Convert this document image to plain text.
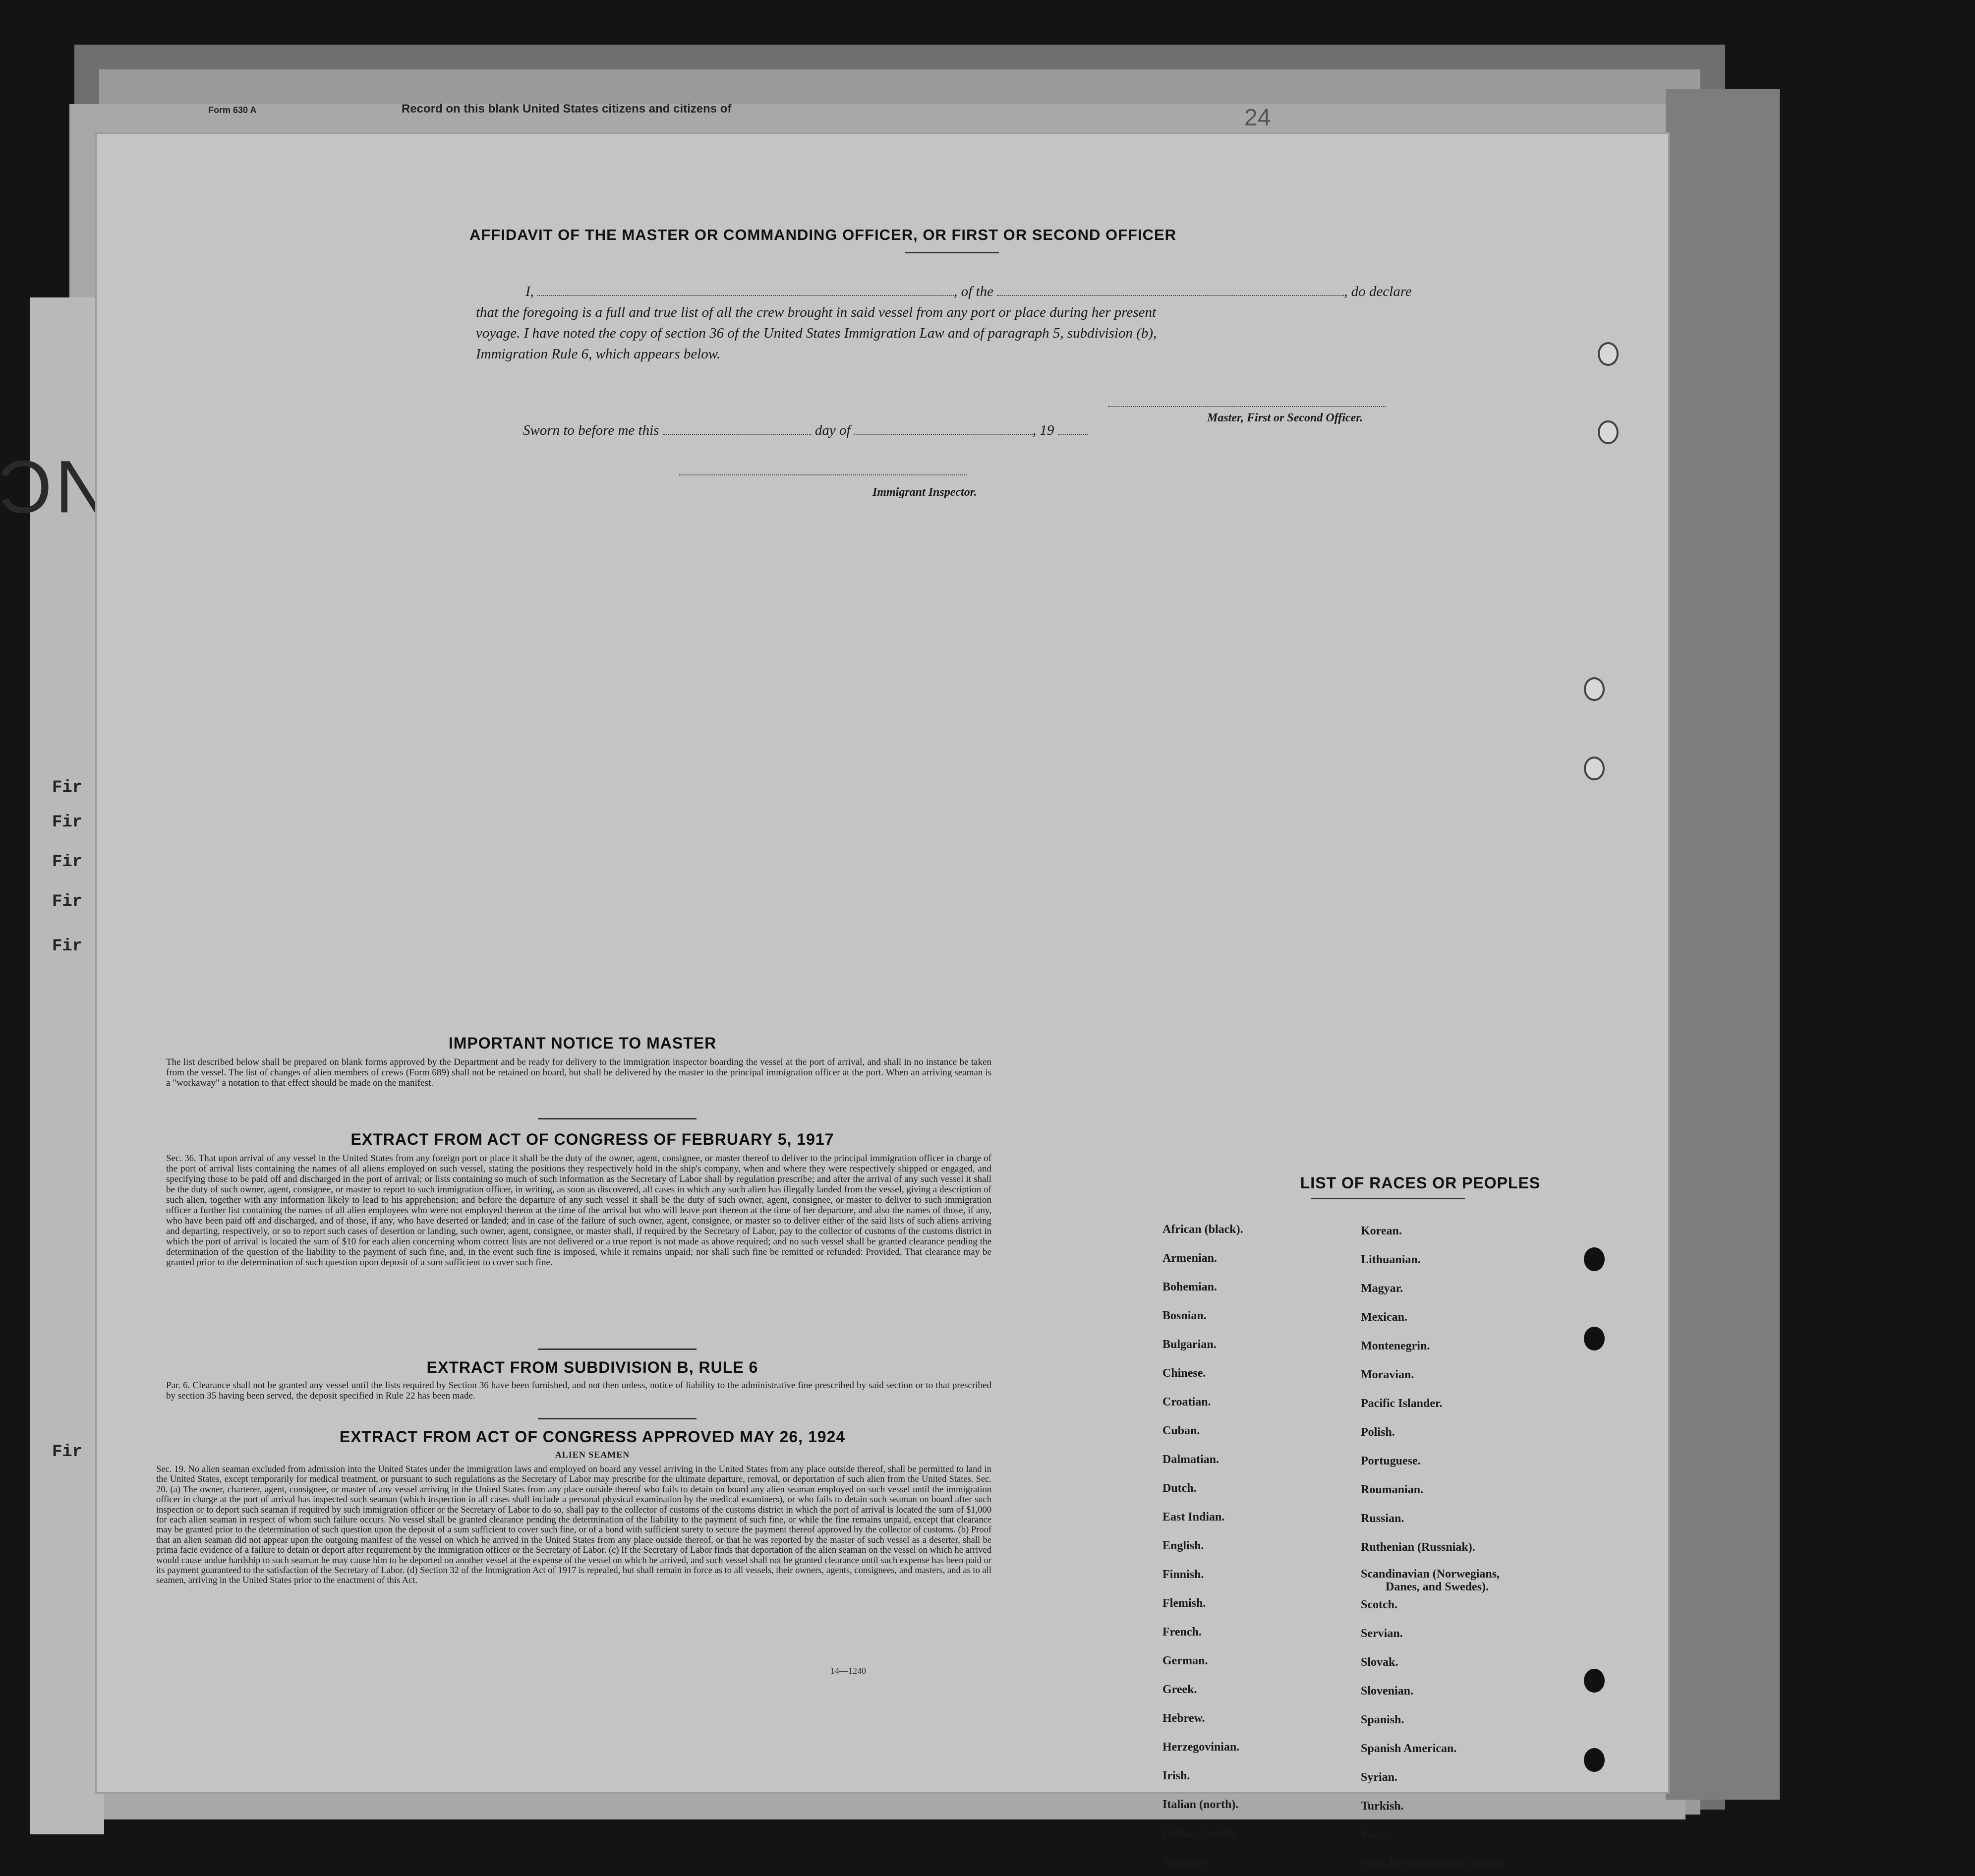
Form 630 A	Record on this blank United States citizens and citizens of	24
Fir
Fir
Fir
Fir
Fir
Fir
AFFIDAVIT OF THE MASTER OR COMMANDING OFFICER, OR FIRST OR SECOND OFFICER
I,	, of the	, do declare
that the foregoing is a full and true list of all the crew brought in said vessel from any port or place during her present
voyage. I have noted the copy of section 36 of the United States Immigration Law and of paragraph 5, subdivision (b),
Immigration Rule 6, which appears below.
Master, First or Second Officer.
Sworn to before me this	day of	, 19
Immigrant Inspector.
IMPORTANT NOTICE TO MASTER
The list described below shall be prepared on blank forms approved by the Department and be ready for delivery to the immigration inspector boarding the vessel at the port of arrival, and shall in no instance be taken from the vessel. The list of changes of alien members of crews (Form 689) shall not be retained on board, but shall be delivered by the master to the principal immigration officer at the port. When an arriving seaman is a "workaway" a notation to that effect should be made on the manifest.
EXTRACT FROM ACT OF CONGRESS OF FEBRUARY 5, 1917
Sec. 36. That upon arrival of any vessel in the United States from any foreign port or place it shall be the duty of the owner, agent, consignee, or master thereof to deliver to the principal immigration officer in charge of the port of arrival lists containing the names of all aliens employed on such vessel, stating the positions they respectively hold in the ship's company, when and where they were respectively shipped or engaged, and specifying those to be paid off and discharged in the port of arrival; or lists containing so much of such information as the Secretary of Labor shall by regulation prescribe; and after the arrival of any such vessel it shall be the duty of such owner, agent, consignee, or master to report to such immigration officer, in writing, as soon as discovered, all cases in which any such alien has illegally landed from the vessel, giving a description of such alien, together with any information likely to lead to his apprehension; and before the departure of any such vessel it shall be the duty of such owner, agent, consignee, or master to deliver to such immigration officer a further list containing the names of all alien employees who were not employed thereon at the time of the arrival but who will leave port thereon at the time of her departure, and also the names of those, if any, who have been paid off and discharged, and of those, if any, who have deserted or landed; and in case of the failure of such owner, agent, consignee, or master so to deliver either of the said lists of such aliens arriving and departing, respectively, or so to report such cases of desertion or landing, such owner, agent, consignee, or master shall, if required by the Secretary of Labor, pay to the collector of customs of the customs district in which the port of arrival is located the sum of $10 for each alien concerning whom correct lists are not delivered or a true report is not made as above required; and no such vessel shall be granted clearance pending the determination of the question of the liability to the payment of such fine, and, in the event such fine is imposed, while it remains unpaid; nor shall such fine be remitted or refunded: Provided, That clearance may be granted prior to the determination of such question upon deposit of a sum sufficient to cover such fine.
EXTRACT FROM SUBDIVISION B, RULE 6
Par. 6. Clearance shall not be granted any vessel until the lists required by Section 36 have been furnished, and not then unless, notice of liability to the administrative fine prescribed by said section or to that prescribed by section 35 having been served, the deposit specified in Rule 22 has been made.
EXTRACT FROM ACT OF CONGRESS APPROVED MAY 26, 1924
ALIEN SEAMEN
Sec. 19. No alien seaman excluded from admission into the United States under the immigration laws and employed on board any vessel arriving in the United States from any place outside thereof, shall be permitted to land in the United States, except temporarily for medical treatment, or pursuant to such regulations as the Secretary of Labor may prescribe for the ultimate departure, removal, or deportation of such alien from the United States. Sec. 20. (a) The owner, charterer, agent, consignee, or master of any vessel arriving in the United States from any place outside thereof who fails to detain on board any alien seaman employed on such vessel until the immigration officer in charge at the port of arrival has inspected such seaman (which inspection in all cases shall include a personal physical examination by the medical examiners), or who fails to detain such seaman on board after such inspection or to deport such seaman if required by such immigration officer or the Secretary of Labor to do so, shall pay to the collector of customs of the customs district in which the port of arrival is located the sum of $1,000 for each alien seaman in respect of whom such failure occurs. No vessel shall be granted clearance pending the determination of the liability to the payment of such fine, or while the fine remains unpaid, except that clearance may be granted prior to the determination of such question upon the deposit of a sum sufficient to cover such fine, or of a bond with sufficient surety to secure the payment thereof approved by the collector of customs. (b) Proof that an alien seaman did not appear upon the outgoing manifest of the vessel on which he arrived in the United States from any place outside thereof, or that he was reported by the master of such vessel as a deserter, shall be prima facie evidence of a failure to detain or deport after requirement by the immigration officer or the Secretary of Labor. (c) If the Secretary of Labor finds that deportation of the alien seaman on the vessel on which he arrived would cause undue hardship to such seaman he may cause him to be deported on another vessel at the expense of the vessel on which he arrived, and such vessel shall not be granted clearance until such expense has been paid or its payment guaranteed to the satisfaction of the Secretary of Labor. (d) Section 32 of the Immigration Act of 1917 is repealed, but shall remain in force as to all vessels, their owners, agents, consignees, and masters, and as to all seamen, arriving in the United States prior to the enactment of this Act.
14—1240
LIST OF RACES OR PEOPLES
African (black).
Armenian.
Bohemian.
Bosnian.
Bulgarian.
Chinese.
Croatian.
Cuban.
Dalmatian.
Dutch.
East Indian.
English.
Finnish.
Flemish.
French.
German.
Greek.
Hebrew.
Herzegovinian.
Irish.
Italian (north).
Italian (south).
Japanese.
Korean.
Lithuanian.
Magyar.
Mexican.
Montenegrin.
Moravian.
Pacific Islander.
Polish.
Portuguese.
Roumanian.
Russian.
Ruthenian (Russniak).
Scandinavian (Norwegians,
Danes, and Swedes).
Scotch.
Servian.
Slovak.
Slovenian.
Spanish.
Spanish American.
Syrian.
Turkish.
Welsh.
West Indian (except Cuban).
